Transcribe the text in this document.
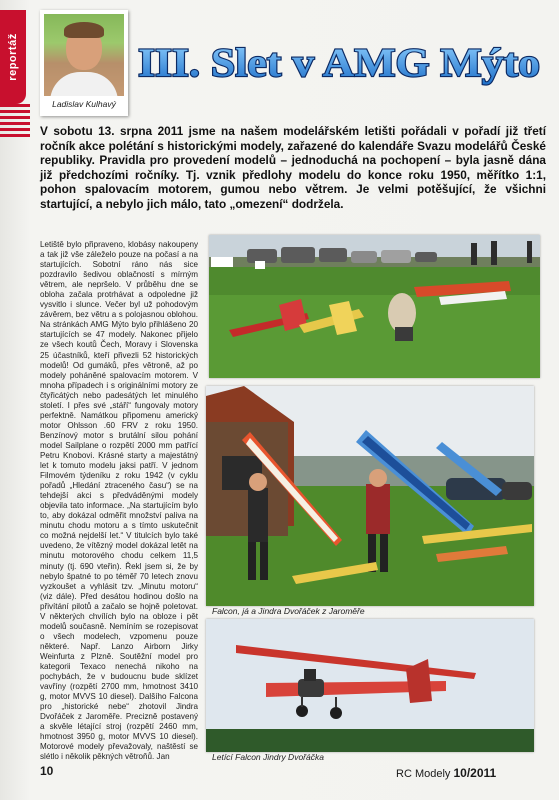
reportáž
Ladislav Kulhavý
III. Slet v AMG Mýto
V sobotu 13. srpna 2011 jsme na našem modelářském letišti pořádali v pořadí již třetí ročník akce polétání s historickými modely, zařazené do kalendáře Svazu modelářů České republiky. Pravidla pro provedení modelů – jednoduchá na pochopení – byla jasně dána již předchozími ročníky. Tj. vznik předlohy modelu do konce roku 1950, měřítko 1:1, pohon spalovacím motorem, gumou nebo větrem. Je velmi potěšující, že všichni startující, a nebylo jich málo, tato „omezení“ dodržela.

Letiště bylo připraveno, klobásy nakoupeny a tak již vše záleželo pouze na počasí a na startujících. Sobotní ráno nás sice pozdravilo šedivou oblačností s mírným větrem, ale nepršelo. V průběhu dne se obloha začala protrhávat a odpoledne již vysvitlo i slunce. Večer byl už pohodovým závěrem, bez větru a s polojasnou oblohou. Na stránkách AMG Mýto bylo přihlášeno 20 startujících se 47 modely. Nakonec přijelo ze všech koutů Čech, Moravy i Slovenska 25 účastníků, kteří přivezli 52 historických modelů! Od gumáků, přes větroně, až po modely poháněné spalovacím motorem. V mnoha případech i s originálními motory ze čtyřicátých nebo padesátých let minulého století. I přes své „stáří“ fungovaly motory perfektně. Namátkou připomenu americký motor Ohlsson .60 FRV z roku 1950. Benzínový motor s brutální silou pohání model Sailplane o rozpětí 2000 mm patřící Petru Knobovi. Krásné starty a majestátný let k tomuto modelu jaksi patří. V jednom Filmovém týdeníku z roku 1942 (v cyklu pořadů „Hledání ztraceného času“) se na tehdejší akci s předváděnými modely objevila tato informace. „Na startujícím bylo to, aby dokázal odměřit množství paliva na minutu chodu motoru a s tímto uskutečnit co možná nejdelší let.“ V titulcích bylo také uvedeno, že vítězný model dokázal letět na minutu motorového chodu celkem 11,5 minuty (tj. 690 vteřin). Řekl jsem si, že by nebylo špatné to po téměř 70 letech znovu vyzkoušet a vyhlásit tzv. „Minutu motoru“ (viz dále). Před desátou hodinou došlo na přivítání pilotů a začalo se hojně poletovat. V některých chvílích bylo na obloze i pět modelů současně. Nemíním se rozepisovat o všech modelech, vzpomenu pouze některé. Např. Lanzo Airborn Jirky Weinfurta z Plzně. Soutěžní model pro kategorii Texaco nenechá nikoho na pochybách, že v budoucnu bude sklízet vavříny (rozpětí 2700 mm, hmotnost 3410 g, motor MVVS 10 diesel). Dalšího Falcona pro „historické nebe“ zhotovil Jindra Dvořáček z Jaroměře. Precizně postavený a skvěle létající stroj (rozpětí 2460 mm, hmotnost 3950 g, motor MVVS 10 diesel). Motorové modely převažovaly, naštěstí se slétlo i několik pěkných větroňů. Jan

Falcon, já a Jindra Dvořáček z Jaroměře
Letící Falcon Jindry Dvořáčka
10	RC Modely 10/2011
